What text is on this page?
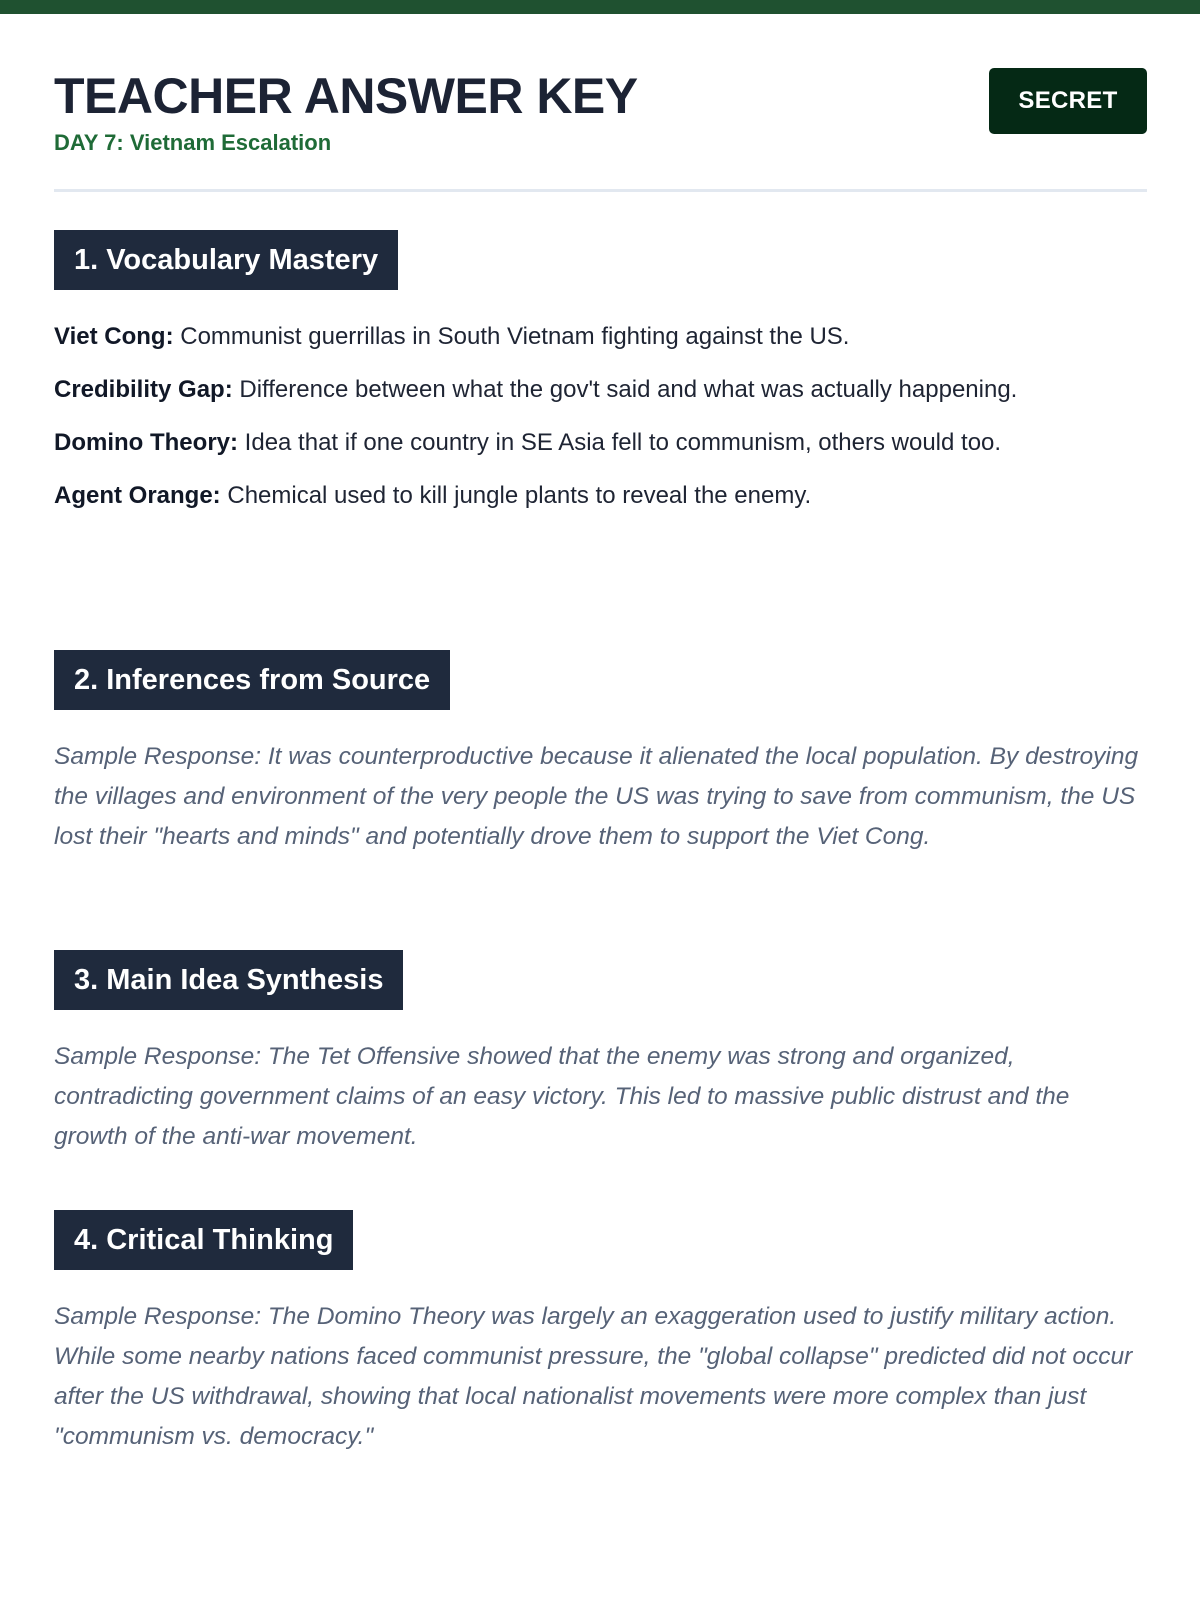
TEACHER ANSWER KEY
DAY 7: Vietnam Escalation
SECRET
1. Vocabulary Mastery
Viet Cong: Communist guerrillas in South Vietnam fighting against the US.
Credibility Gap: Difference between what the gov't said and what was actually happening.
Domino Theory: Idea that if one country in SE Asia fell to communism, others would too.
Agent Orange: Chemical used to kill jungle plants to reveal the enemy.
2. Inferences from Source
Sample Response: It was counterproductive because it alienated the local population. By destroying the villages and environment of the very people the US was trying to save from communism, the US lost their "hearts and minds" and potentially drove them to support the Viet Cong.
3. Main Idea Synthesis
Sample Response: The Tet Offensive showed that the enemy was strong and organized, contradicting government claims of an easy victory. This led to massive public distrust and the growth of the anti-war movement.
4. Critical Thinking
Sample Response: The Domino Theory was largely an exaggeration used to justify military action. While some nearby nations faced communist pressure, the "global collapse" predicted did not occur after the US withdrawal, showing that local nationalist movements were more complex than just "communism vs. democracy."
